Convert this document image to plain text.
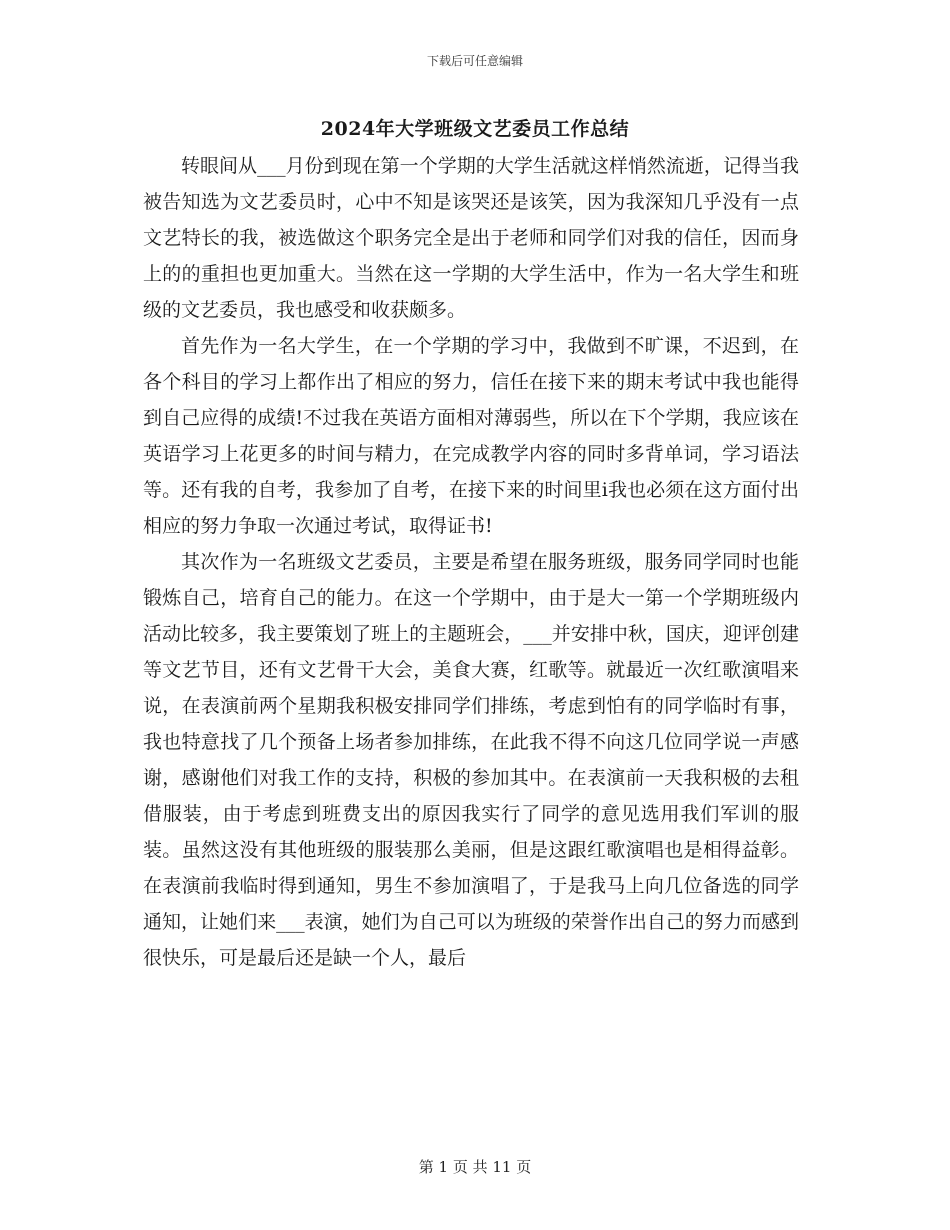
下载后可任意编辑
2024年大学班级文艺委员工作总结

转眼间从___月份到现在第一个学期的大学生活就这样悄然流逝，记得当我被告知选为文艺委员时，心中不知是该哭还是该笑，因为我深知几乎没有一点文艺特长的我，被选做这个职务完全是出于老师和同学们对我的信任，因而身上的的重担也更加重大。当然在这一学期的大学生活中，作为一名大学生和班级的文艺委员，我也感受和收获颇多。

首先作为一名大学生，在一个学期的学习中，我做到不旷课，不迟到，在各个科目的学习上都作出了相应的努力，信任在接下来的期末考试中我也能得到自己应得的成绩!不过我在英语方面相对薄弱些，所以在下个学期，我应该在英语学习上花更多的时间与精力，在完成教学内容的同时多背单词，学习语法等。还有我的自考，我参加了自考，在接下来的时间里i我也必须在这方面付出相应的努力争取一次通过考试，取得证书!

其次作为一名班级文艺委员，主要是希望在服务班级，服务同学同时也能锻炼自己，培育自己的能力。在这一个学期中，由于是大一第一个学期班级内活动比较多，我主要策划了班上的主题班会，___并安排中秋，国庆，迎评创建等文艺节目，还有文艺骨干大会，美食大赛，红歌等。就最近一次红歌演唱来说，在表演前两个星期我积极安排同学们排练，考虑到怕有的同学临时有事，我也特意找了几个预备上场者参加排练，在此我不得不向这几位同学说一声感谢，感谢他们对我工作的支持，积极的参加其中。在表演前一天我积极的去租借服装，由于考虑到班费支出的原因我实行了同学的意见选用我们军训的服装。虽然这没有其他班级的服装那么美丽，但是这跟红歌演唱也是相得益彰。在表演前我临时得到通知，男生不参加演唱了，于是我马上向几位备选的同学通知，让她们来___表演，她们为自己可以为班级的荣誉作出自己的努力而感到很快乐，可是最后还是缺一个人，最后

第 1 页 共 11 页
